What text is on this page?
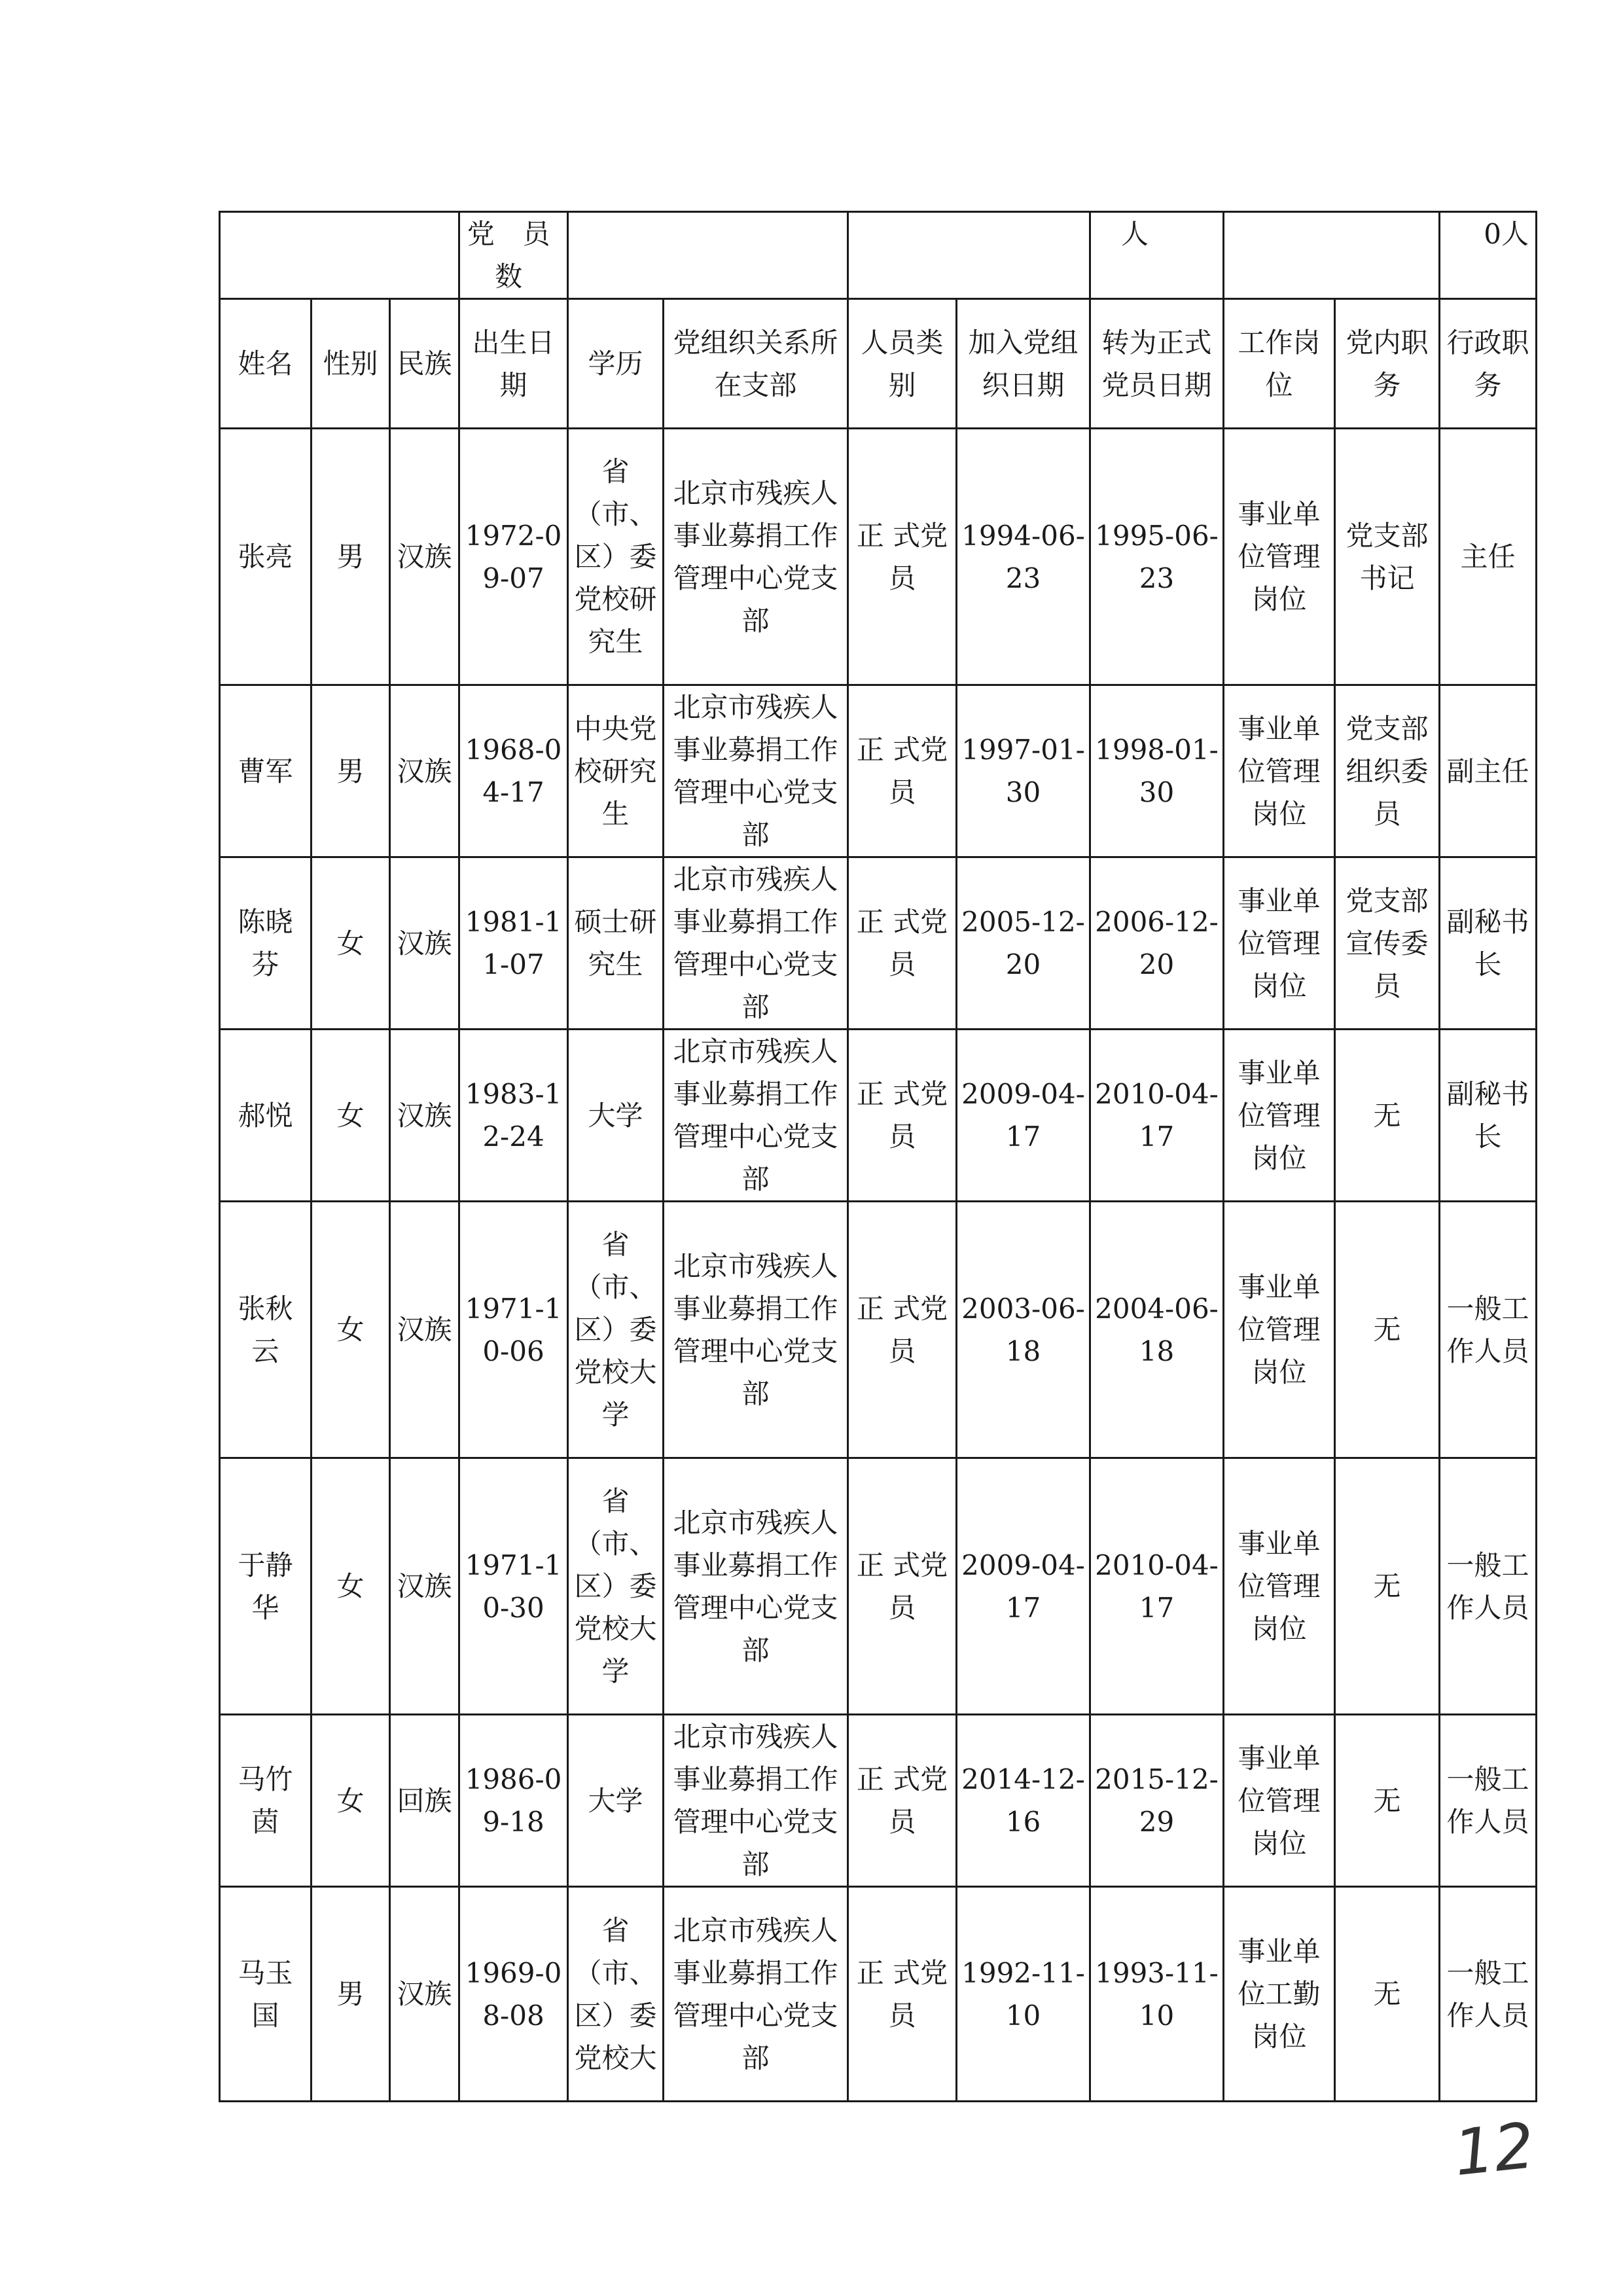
			党 员 数					人			0人
姓名	性别	民族	出生日期	学历	党组织关系所在支部	人员类别	加入党组织日期	转为正式党员日期	工作岗位	党内职务	行政职务
张亮	男	汉族	1972-09-07	省（市、区）委党校研究生	北京市残疾人事业募捐工作管理中心党支部	正 式党员	1994-06-23	1995-06-23	事业单位管理岗位	党支部书记	主任
曹军	男	汉族	1968-04-17	中央党校研究生	北京市残疾人事业募捐工作管理中心党支部	正 式党员	1997-01-30	1998-01-30	事业单位管理岗位	党支部组织委员	副主任
陈晓芬	女	汉族	1981-11-07	硕士研究生	北京市残疾人事业募捐工作管理中心党支部	正 式党员	2005-12-20	2006-12-20	事业单位管理岗位	党支部宣传委员	副秘书长
郝悦	女	汉族	1983-12-24	大学	北京市残疾人事业募捐工作管理中心党支部	正 式党员	2009-04-17	2010-04-17	事业单位管理岗位	无	副秘书长
张秋云	女	汉族	1971-10-06	省（市、区）委党校大学	北京市残疾人事业募捐工作管理中心党支部	正 式党员	2003-06-18	2004-06-18	事业单位管理岗位	无	一般工作人员
于静华	女	汉族	1971-10-30	省（市、区）委党校大学	北京市残疾人事业募捐工作管理中心党支部	正 式党员	2009-04-17	2010-04-17	事业单位管理岗位	无	一般工作人员
马竹茵	女	回族	1986-09-18	大学	北京市残疾人事业募捐工作管理中心党支部	正 式党员	2014-12-16	2015-12-29	事业单位管理岗位	无	一般工作人员
马玉国	男	汉族	1969-08-08	省（市、区）委党校大	北京市残疾人事业募捐工作管理中心党支部	正 式党员	1992-11-10	1993-11-10	事业单位工勤岗位	无	一般工作人员
12
